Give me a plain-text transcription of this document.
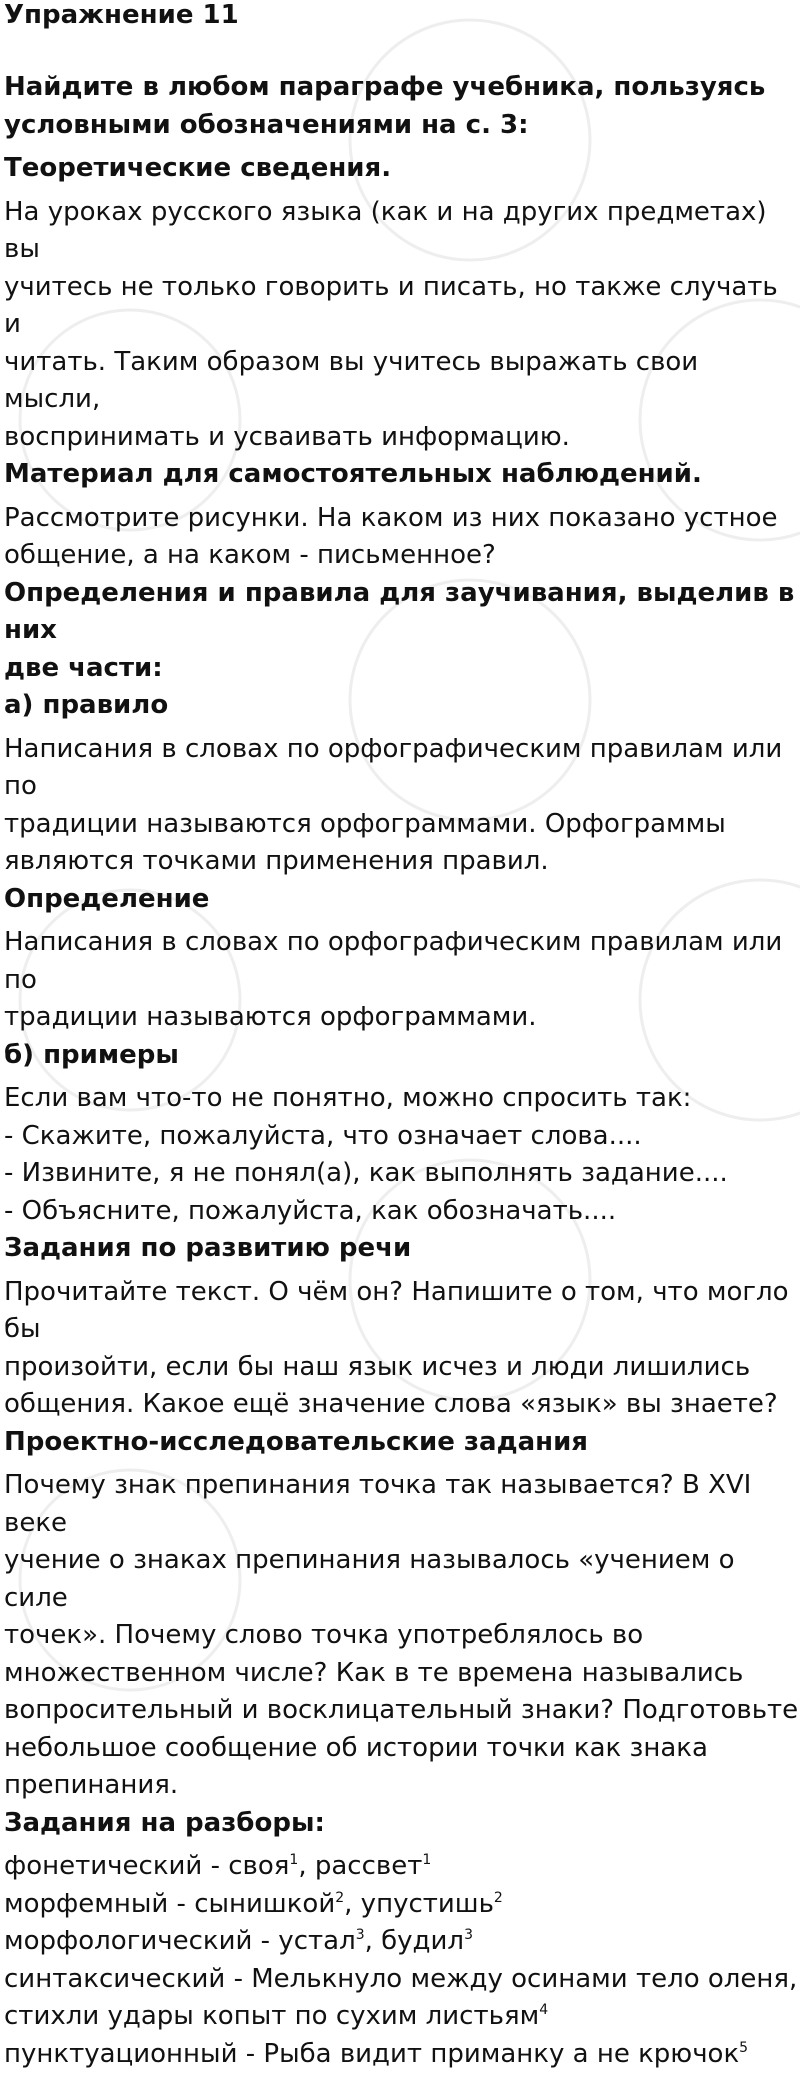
Упражнение 11
Найдите в любом параграфе учебника, пользуясь
условными обозначениями на с. 3:
Теоретические сведения.
На уроках русского языка (как и на других предметах) вы
учитесь не только говорить и писать, но также случать и
читать. Таким образом вы учитесь выражать свои мысли,
воспринимать и усваивать информацию.
Материал для самостоятельных наблюдений.
Рассмотрите рисунки. На каком из них показано устное
общение, а на каком - письменное?
Определения и правила для заучивания, выделив в них
две части:
а) правило
Написания в словах по орфографическим правилам или по
традиции называются орфограммами. Орфограммы
являются точками применения правил.
Определение
Написания в словах по орфографическим правилам или по
традиции называются орфограммами.
б) примеры
Если вам что-то не понятно, можно спросить так:
- Скажите, пожалуйста, что означает слова....
- Извините, я не понял(а), как выполнять задание....
- Объясните, пожалуйста, как обозначать....
Задания по развитию речи
Прочитайте текст. О чём он? Напишите о том, что могло бы
произойти, если бы наш язык исчез и люди лишились
общения. Какое ещё значение слова «язык» вы знаете?
Проектно-исследовательские задания
Почему знак препинания точка так называется? В XVI веке
учение о знаках препинания называлось «учением о силе
точек». Почему слово точка употреблялось во
множественном числе? Как в те времена назывались
вопросительный и восклицательный знаки? Подготовьте
небольшое сообщение об истории точки как знака
препинания.
Задания на разборы:
фонетический - своя$^1$, рассвет$^1$
морфемный - сынишкой$^2$, упустишь$^2$
морфологический - устал$^3$, будил$^3$
синтаксический - Мелькнуло между осинами тело оленя,
стихли удары копыт по сухим листьям$^4$
пунктуационный - Рыба видит приманку а не крючок$^5$
